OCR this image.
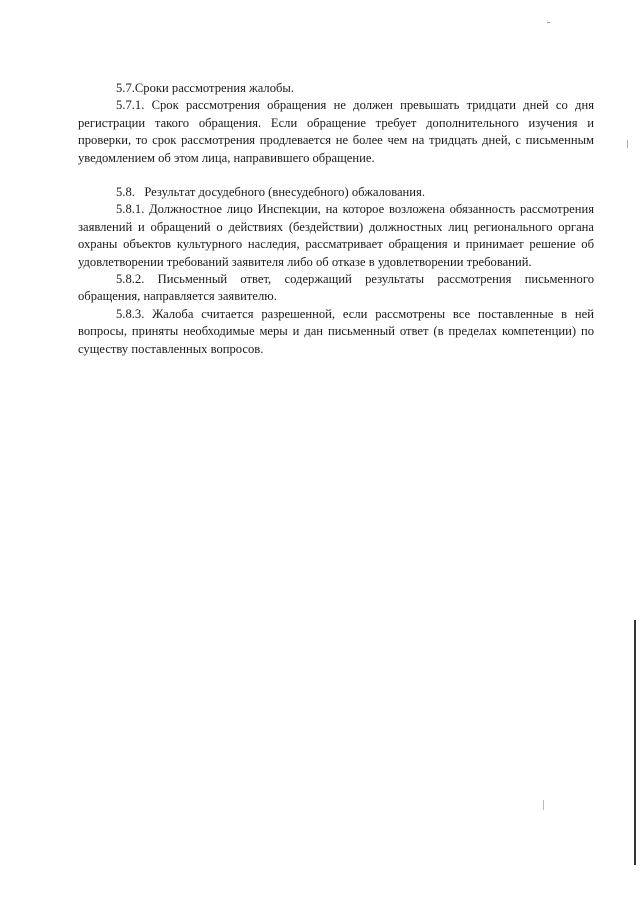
5.7.Сроки рассмотрения жалобы.

5.7.1. Срок рассмотрения обращения не должен превышать тридцати дней со дня регистрации такого обращения. Если обращение требует дополнительного изучения и проверки, то срок рассмотрения продлевается не более чем на тридцать дней, с письменным уведомлением об этом лица, направившего обращение.

5.8.   Результат досудебного (внесудебного) обжалования.

5.8.1. Должностное лицо Инспекции, на которое возложена обязанность рассмотрения заявлений и обращений о действиях (бездействии) должностных лиц регионального органа охраны объектов культурного наследия, рассматривает обращения и принимает решение об удовлетворении требований заявителя либо об отказе в удовлетворении требований.

5.8.2. Письменный ответ, содержащий результаты рассмотрения письменного обращения, направляется заявителю.

5.8.3. Жалоба считается разрешенной, если рассмотрены все поставленные в ней вопросы, приняты необходимые меры и дан письменный ответ (в пределах компетенции) по существу поставленных вопросов.
